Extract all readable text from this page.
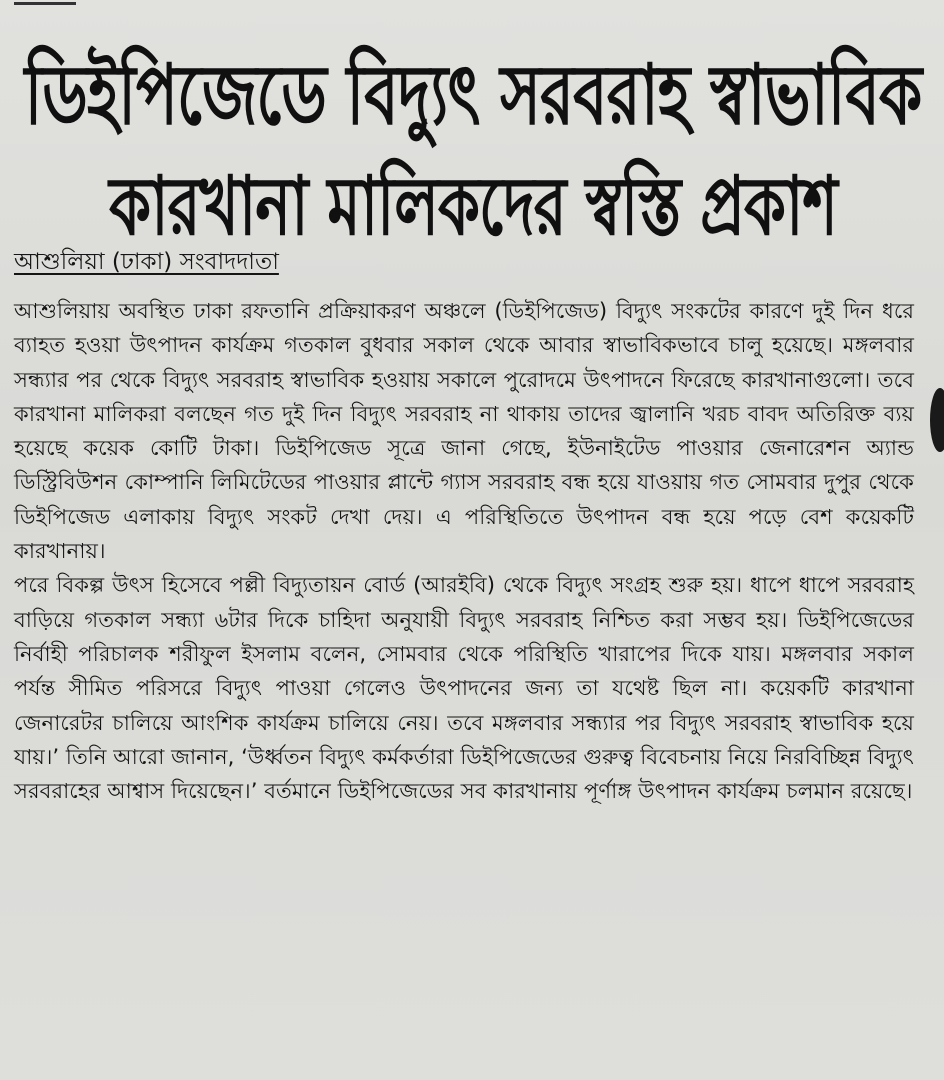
ডিইপিজেডে বিদ্যুৎ সরবরাহ স্বাভাবিক
কারখানা মালিকদের স্বস্তি প্রকাশ
আশুলিয়া (ঢাকা) সংবাদদাতা

আশুলিয়ায় অবস্থিত ঢাকা রফতানি প্রক্রিয়াকরণ অঞ্চলে (ডিইপিজেড) বিদ্যুৎ সংকটের কারণে দুই দিন ধরে ব্যাহত হওয়া উৎপাদন কার্যক্রম গতকাল বুধবার সকাল থেকে আবার স্বাভাবিকভাবে চালু হয়েছে। মঙ্গলবার সন্ধ্যার পর থেকে বিদ্যুৎ সরবরাহ স্বাভাবিক হওয়ায় সকালে পুরোদমে উৎপাদনে ফিরেছে কারখানাগুলো। তবে কারখানা মালিকরা বলছেন গত দুই দিন বিদ্যুৎ সরবরাহ না থাকায় তাদের জ্বালানি খরচ বাবদ অতিরিক্ত ব্যয় হয়েছে কয়েক কোটি টাকা। ডিইপিজেড সূত্রে জানা গেছে, ইউনাইটেড পাওয়ার জেনারেশন অ্যান্ড ডিস্ট্রিবিউশন কোম্পানি লিমিটেডের পাওয়ার প্লান্টে গ্যাস সরবরাহ বন্ধ হয়ে যাওয়ায় গত সোমবার দুপুর থেকে ডিইপিজেড এলাকায় বিদ্যুৎ সংকট দেখা দেয়। এ পরিস্থিতিতে উৎপাদন বন্ধ হয়ে পড়ে বেশ কয়েকটি কারখানায়।

পরে বিকল্প উৎস হিসেবে পল্লী বিদ্যুতায়ন বোর্ড (আরইবি) থেকে বিদ্যুৎ সংগ্রহ শুরু হয়। ধাপে ধাপে সরবরাহ বাড়িয়ে গতকাল সন্ধ্যা ৬টার দিকে চাহিদা অনুযায়ী বিদ্যুৎ সরবরাহ নিশ্চিত করা সম্ভব হয়। ডিইপিজেডের নির্বাহী পরিচালক শরীফুল ইসলাম বলেন, সোমবার থেকে পরিস্থিতি খারাপের দিকে যায়। মঙ্গলবার সকাল পর্যন্ত সীমিত পরিসরে বিদ্যুৎ পাওয়া গেলেও উৎপাদনের জন্য তা যথেষ্ট ছিল না। কয়েকটি কারখানা জেনারেটর চালিয়ে আংশিক কার্যক্রম চালিয়ে নেয়। তবে মঙ্গলবার সন্ধ্যার পর বিদ্যুৎ সরবরাহ স্বাভাবিক হয়ে যায়।’ তিনি আরো জানান, ‘উর্ধ্বতন বিদ্যুৎ কর্মকর্তারা ডিইপিজেডের গুরুত্ব বিবেচনায় নিয়ে নিরবিচ্ছিন্ন বিদ্যুৎ সরবরাহের আশ্বাস দিয়েছেন।’ বর্তমানে ডিইপিজেডের সব কারখানায় পূর্ণাঙ্গ উৎপাদন কার্যক্রম চলমান রয়েছে।
